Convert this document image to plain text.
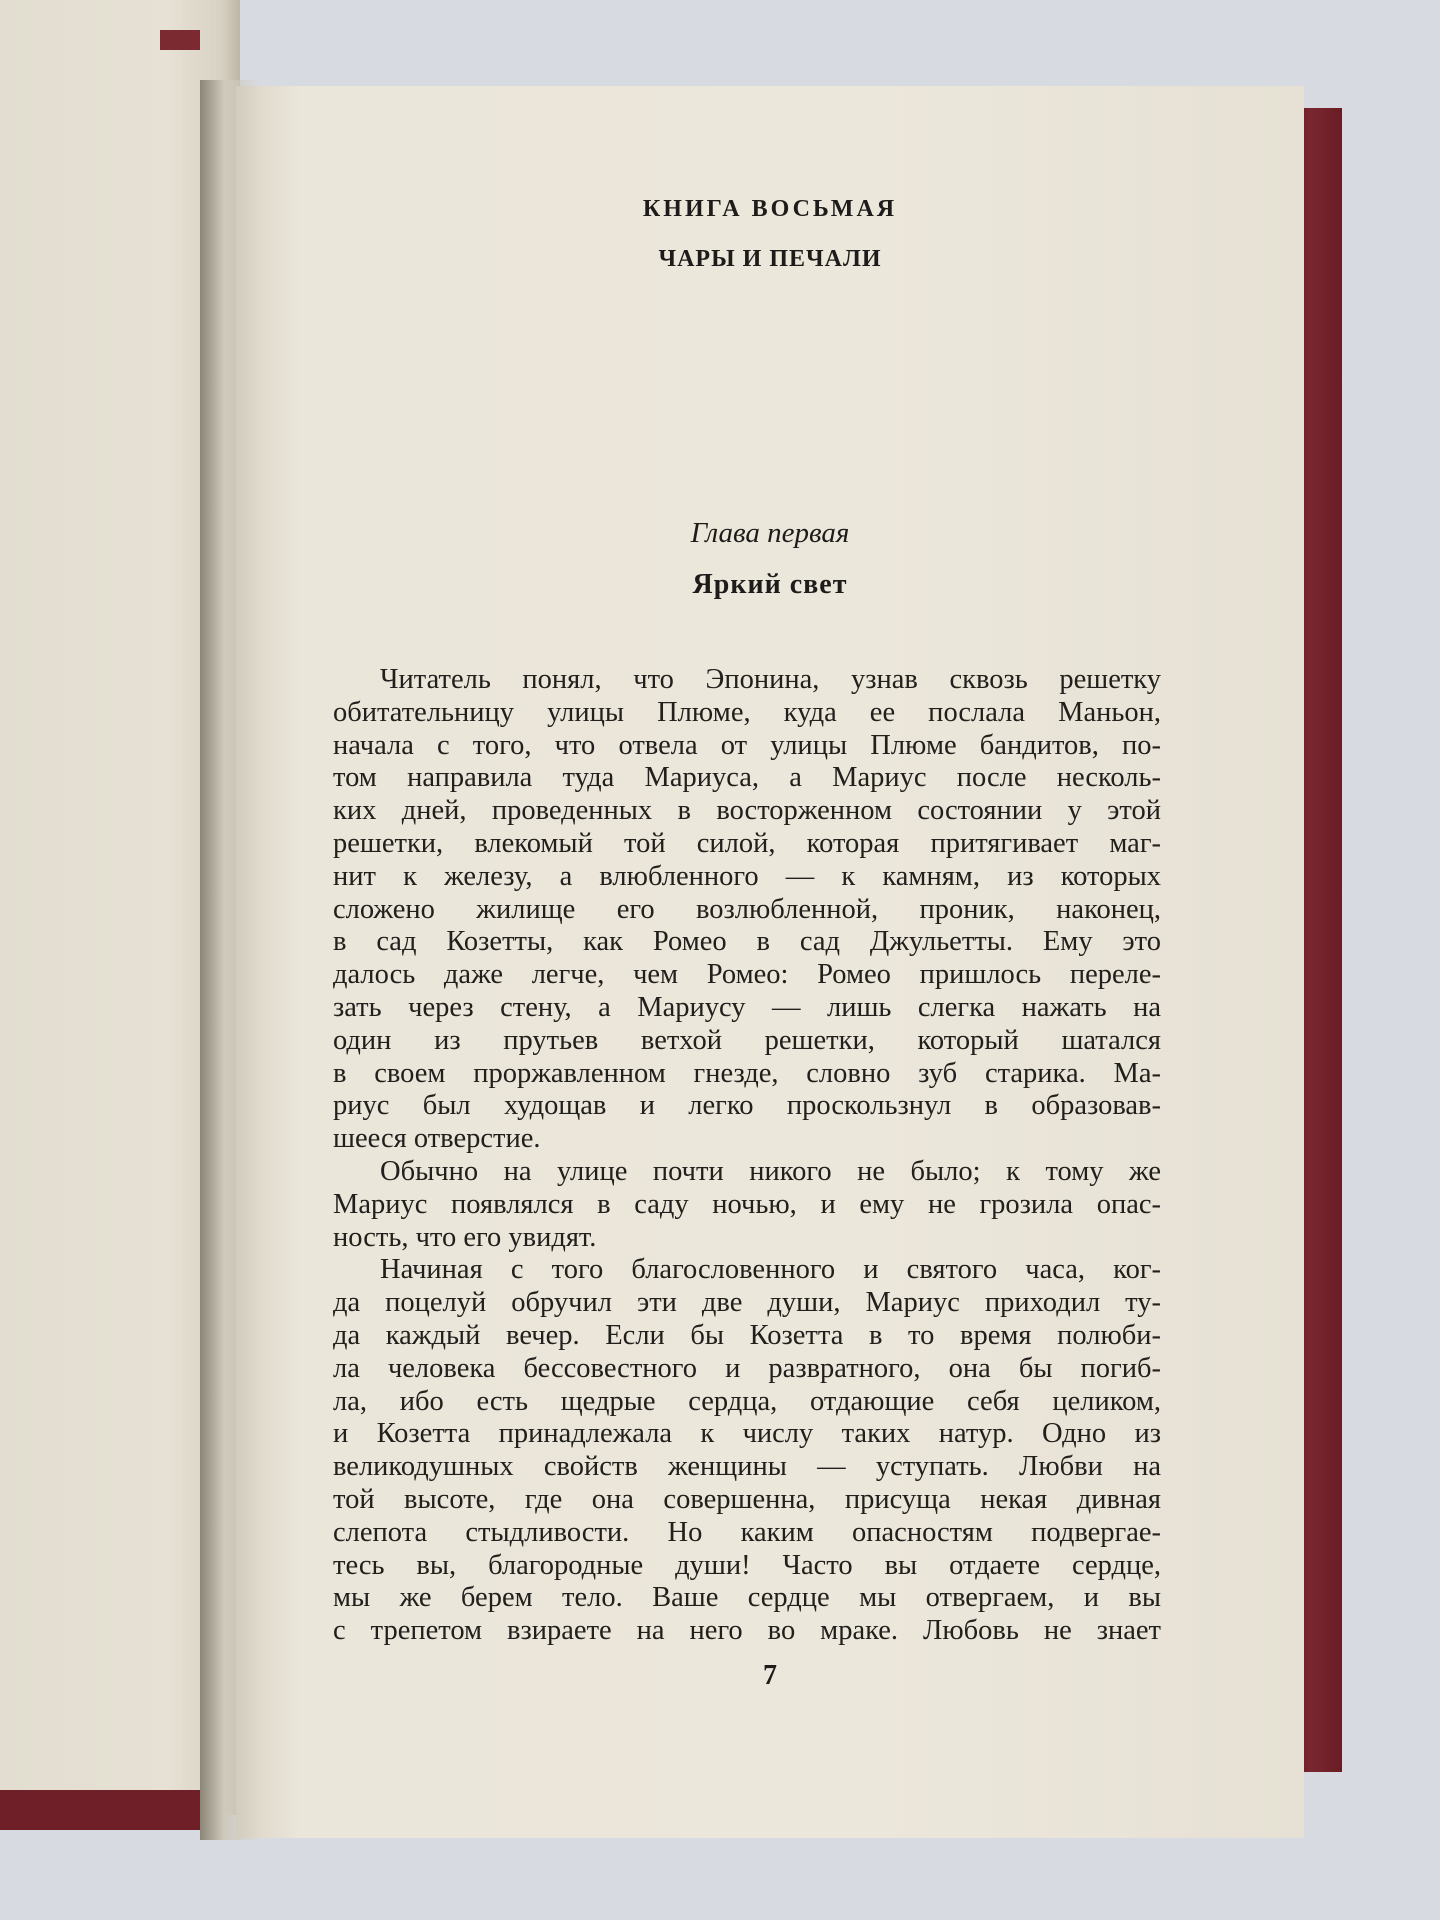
КНИГА ВОСЬМАЯ
ЧАРЫ И ПЕЧАЛИ
Глава первая
Яркий свет
Читатель понял, что Эпонина, узнав сквозь решетку
обитательницу улицы Плюме, куда ее послала Маньон,
начала с того, что отвела от улицы Плюме бандитов, по-
том направила туда Мариуса, а Мариус после несколь-
ких дней, проведенных в восторженном состоянии у этой
решетки, влекомый той силой, которая притягивает маг-
нит к железу, а влюбленного — к камням, из которых
сложено жилище его возлюбленной, проник, наконец,
в сад Козетты, как Ромео в сад Джульетты. Ему это
далось даже легче, чем Ромео: Ромео пришлось переле-
зать через стену, а Мариусу — лишь слегка нажать на
один из прутьев ветхой решетки, который шатался
в своем проржавленном гнезде, словно зуб старика. Ма-
риус был худощав и легко проскользнул в образовав-
шееся отверстие.
Обычно на улице почти никого не было; к тому же
Мариус появлялся в саду ночью, и ему не грозила опас-
ность, что его увидят.
Начиная с того благословенного и святого часа, ког-
да поцелуй обручил эти две души, Мариус приходил ту-
да каждый вечер. Если бы Козетта в то время полюби-
ла человека бессовестного и развратного, она бы погиб-
ла, ибо есть щедрые сердца, отдающие себя целиком,
и Козетта принадлежала к числу таких натур. Одно из
великодушных свойств женщины — уступать. Любви на
той высоте, где она совершенна, присуща некая дивная
слепота стыдливости. Но каким опасностям подвергае-
тесь вы, благородные души! Часто вы отдаете сердце,
мы же берем тело. Ваше сердце мы отвергаем, и вы
с трепетом взираете на него во мраке. Любовь не знает
7
